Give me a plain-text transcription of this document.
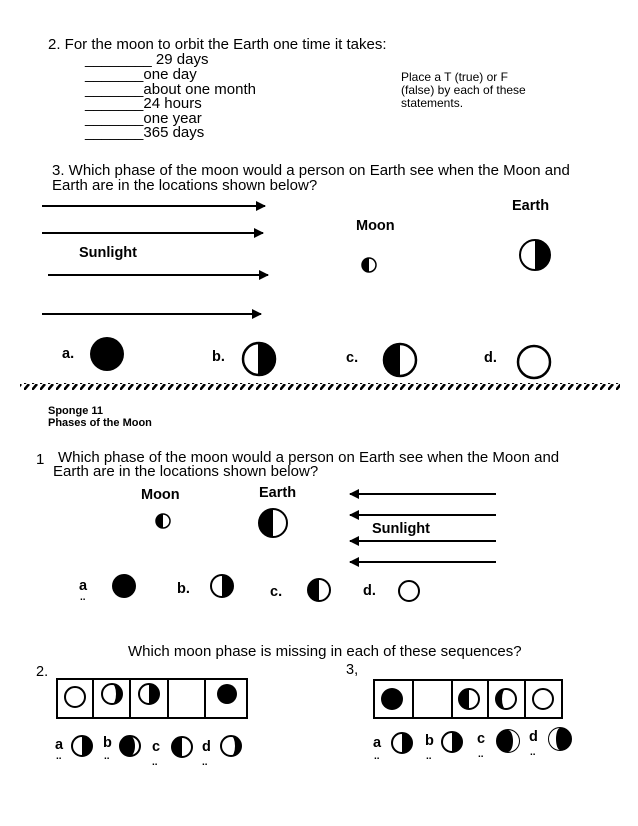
2. For the moon to orbit the Earth one time it takes:
________ 29 days
_______one day
_______about one month
_______24 hours
_______one year
_______365 days
Place a T (true) or F
(false) by each of these
statements.
3. Which phase of the moon would a person on Earth see when the Moon and
Earth are in the locations shown below?
Earth
Moon
Sunlight
a.	b.	c.	d.
Sponge 11
Phases of the Moon
1 Which phase of the moon would a person on Earth see when the Moon and
Earth are in the locations shown below?
Moon	Earth
Sunlight
a
..
b.	c.	d.
Which moon phase is missing in each of these sequences?
2.	3,
a
..
b
..
c
..
d
..
a
..
b
..
c
..
d
..
